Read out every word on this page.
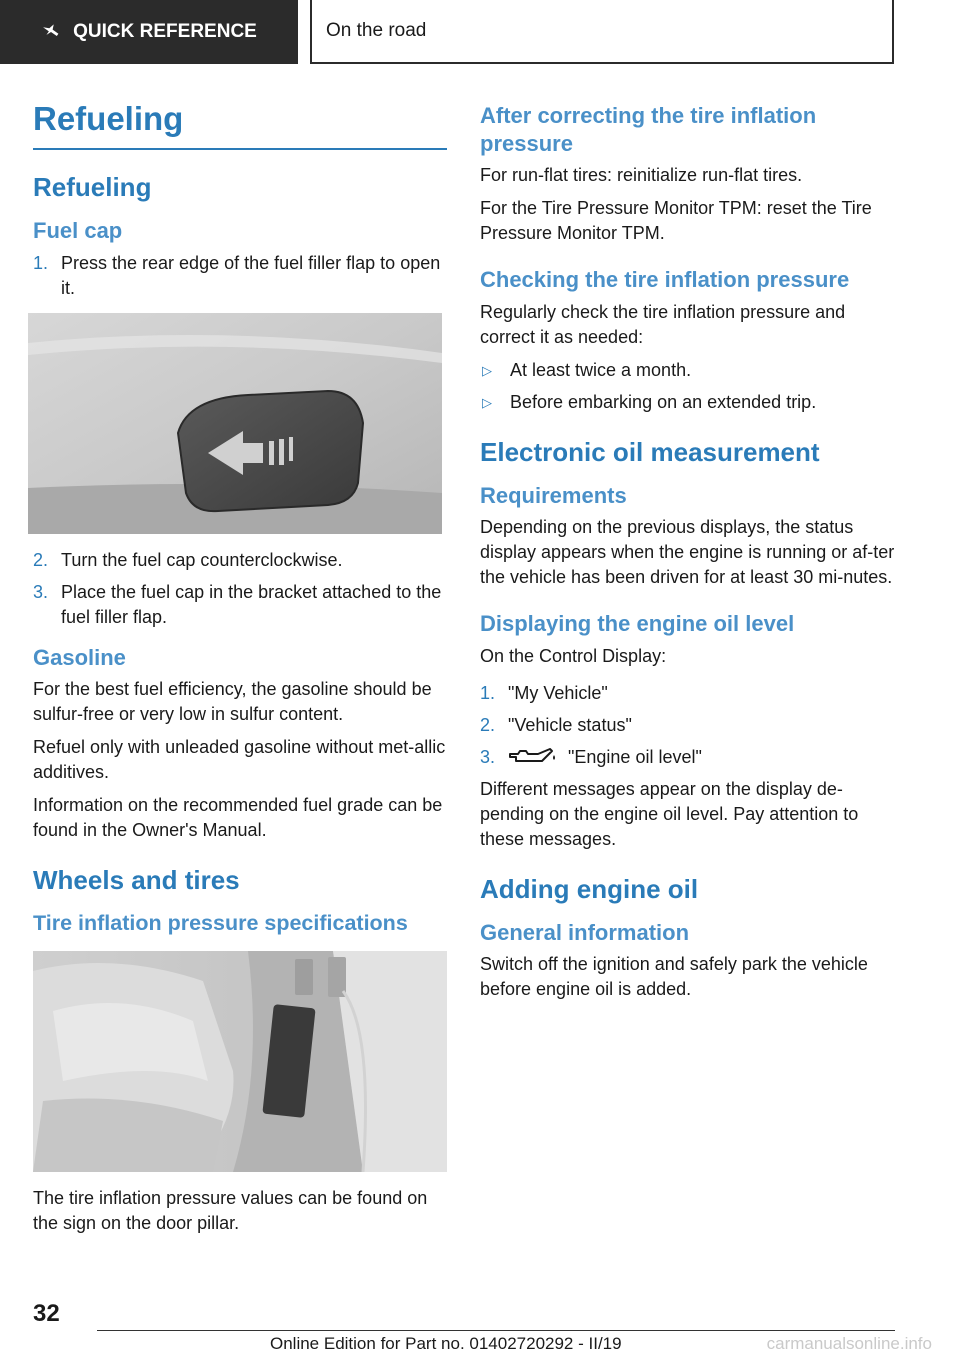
QUICK REFERENCE	On the road
Refueling
Refueling
Fuel cap
1. Press the rear edge of the fuel filler flap to open it.
2. Turn the fuel cap counterclockwise.
3. Place the fuel cap in the bracket attached to the fuel filler flap.
Gasoline

For the best fuel efficiency, the gasoline should be sulfur-free or very low in sulfur content.

Refuel only with unleaded gasoline without met-allic additives.

Information on the recommended fuel grade can be found in the Owner's Manual.

Wheels and tires
Tire inflation pressure specifications

The tire inflation pressure values can be found on the sign on the door pillar.

After correcting the tire inflation pressure

For run-flat tires: reinitialize run-flat tires.

For the Tire Pressure Monitor TPM: reset the Tire Pressure Monitor TPM.

Checking the tire inflation pressure

Regularly check the tire inflation pressure and correct it as needed:

▷	At least twice a month.
▷	Before embarking on an extended trip.
Electronic oil measurement
Requirements

Depending on the previous displays, the status display appears when the engine is running or af-ter the vehicle has been driven for at least 30 mi-nutes.

Displaying the engine oil level

On the Control Display:

1. "My Vehicle"
2. "Vehicle status"
3.	"Engine oil level"

Different messages appear on the display de-pending on the engine oil level. Pay attention to these messages.

Adding engine oil
General information

Switch off the ignition and safely park the vehicle before engine oil is added.

32
Online Edition for Part no. 01402720292 - II/19	carmanualsonline.info
